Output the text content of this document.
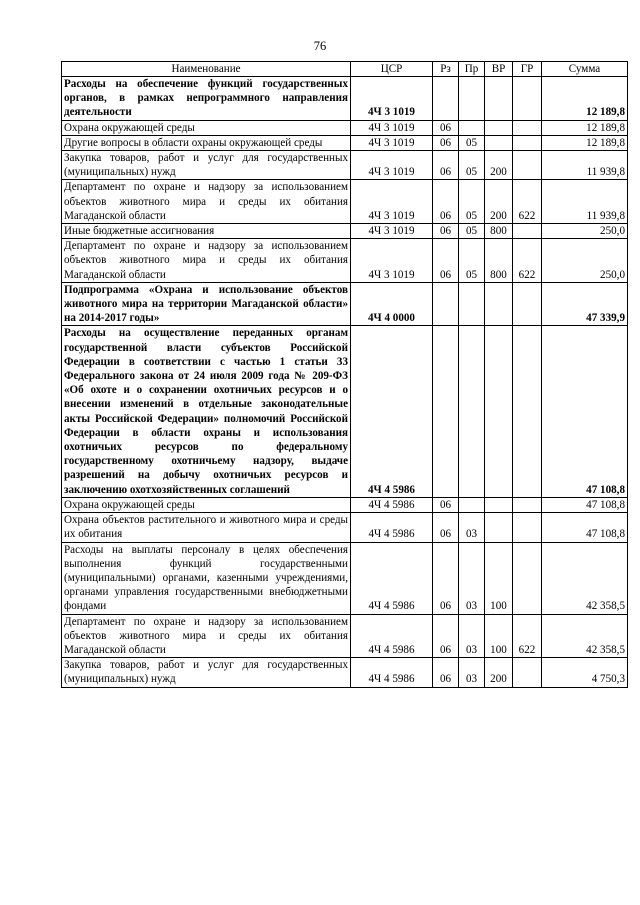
76
Наименование	ЦСР	Рз	Пр	ВР	ГР	Сумма
Расходы на обеспечение функций государственных органов, в рамках непрограммного направления деятельности	4Ч 3 1019					12 189,8
Охрана окружающей среды	4Ч 3 1019	06				12 189,8
Другие вопросы в области охраны окружающей среды	4Ч 3 1019	06	05			12 189,8
Закупка товаров, работ и услуг для государственных (муниципальных) нужд	4Ч 3 1019	06	05	200		11 939,8
Департамент по охране и надзору за использованием объектов животного мира и среды их обитания Магаданской области	4Ч 3 1019	06	05	200	622	11 939,8
Иные бюджетные ассигнования	4Ч 3 1019	06	05	800		250,0
Департамент по охране и надзору за использованием объектов животного мира и среды их обитания Магаданской области	4Ч 3 1019	06	05	800	622	250,0
Подпрограмма «Охрана и использование объектов животного мира на территории Магаданской области» на 2014-2017 годы»	4Ч 4 0000					47 339,9
Расходы на осуществление переданных органам государственной власти субъектов Российской Федерации в соответствии с частью 1 статьи 33 Федерального закона от 24 июля 2009 года № 209-ФЗ «Об охоте и о сохранении охотничьих ресурсов и о внесении изменений в отдельные законодательные акты Российской Федерации» полномочий Российской Федерации в области охраны и использования охотничьих ресурсов по федеральному государственному охотничьему надзору, выдаче разрешений на добычу охотничьих ресурсов и заключению охотхозяйственных соглашений	4Ч 4 5986					47 108,8
Охрана окружающей среды	4Ч 4 5986	06				47 108,8
Охрана объектов растительного и животного мира и среды их обитания	4Ч 4 5986	06	03			47 108,8
Расходы на выплаты персоналу в целях обеспечения выполнения функций государственными (муниципальными) органами, казенными учреждениями, органами управления государственными внебюджетными фондами	4Ч 4 5986	06	03	100		42 358,5
Департамент по охране и надзору за использованием объектов животного мира и среды их обитания Магаданской области	4Ч 4 5986	06	03	100	622	42 358,5
Закупка товаров, работ и услуг для государственных (муниципальных) нужд	4Ч 4 5986	06	03	200		4 750,3
